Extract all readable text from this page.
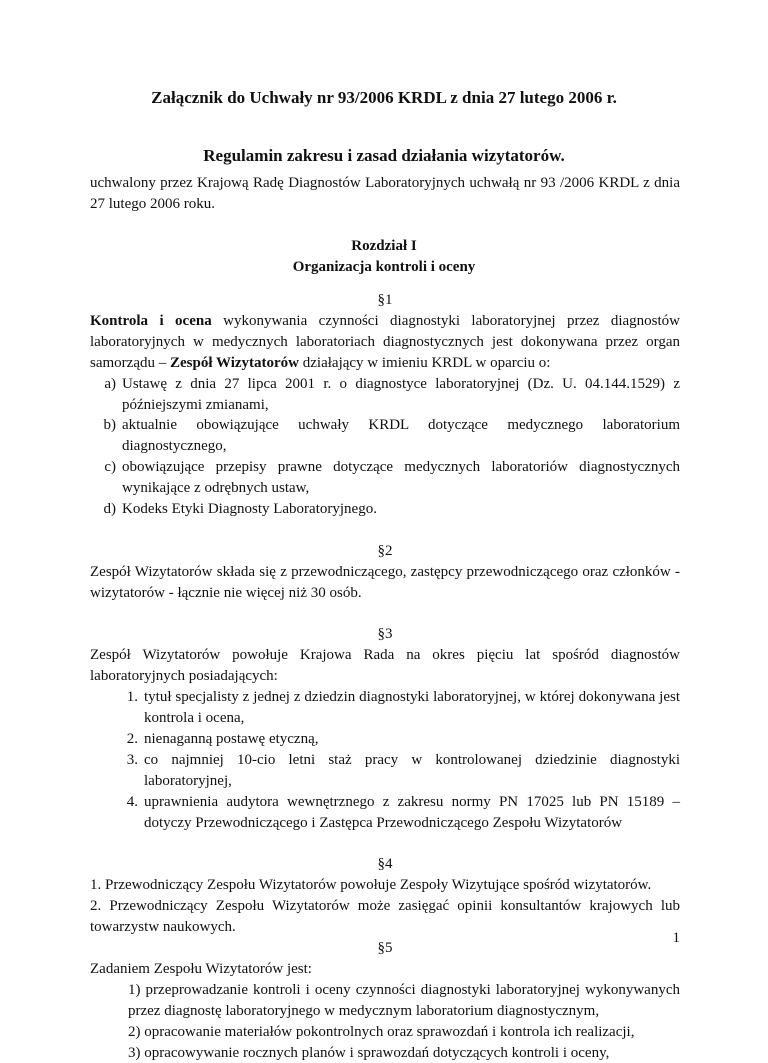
Załącznik do Uchwały nr 93/2006 KRDL z dnia 27 lutego 2006 r.
Regulamin zakresu i zasad działania wizytatorów.

uchwalony przez Krajową Radę Diagnostów Laboratoryjnych uchwałą nr 93 /2006 KRDL z dnia 27 lutego 2006 roku.

Rozdział I
Organizacja kontroli i oceny
§1

Kontrola i ocena wykonywania czynności diagnostyki laboratoryjnej przez diagnostów laboratoryjnych w medycznych laboratoriach diagnostycznych jest dokonywana przez organ samorządu – Zespół Wizytatorów działający w imieniu KRDL w oparciu o:

a) Ustawę z dnia 27 lipca 2001 r. o diagnostyce laboratoryjnej (Dz. U. 04.144.1529) z późniejszymi zmianami,
b) aktualnie obowiązujące uchwały KRDL dotyczące medycznego laboratorium diagnostycznego,
c) obowiązujące przepisy prawne dotyczące medycznych laboratoriów diagnostycznych wynikające z odrębnych ustaw,
d) Kodeks Etyki Diagnosty Laboratoryjnego.
§2

Zespół Wizytatorów składa się z przewodniczącego, zastępcy przewodniczącego oraz członków - wizytatorów - łącznie nie więcej niż 30 osób.

§3

Zespół Wizytatorów powołuje Krajowa Rada na okres pięciu lat spośród diagnostów laboratoryjnych posiadających:

1. tytuł specjalisty z jednej z dziedzin diagnostyki laboratoryjnej, w której dokonywana jest kontrola i ocena,
2. nienaganną postawę etyczną,
3. co najmniej 10-cio letni staż pracy w kontrolowanej dziedzinie diagnostyki laboratoryjnej,
4. uprawnienia audytora wewnętrznego z zakresu normy PN 17025 lub PN 15189 – dotyczy Przewodniczącego i Zastępca Przewodniczącego Zespołu Wizytatorów
§4

1. Przewodniczący Zespołu Wizytatorów powołuje Zespoły Wizytujące spośród wizytatorów.

2. Przewodniczący Zespołu Wizytatorów może zasięgać opinii konsultantów krajowych lub towarzystw naukowych.

§5

Zadaniem Zespołu Wizytatorów jest:

1) przeprowadzanie kontroli i oceny czynności diagnostyki laboratoryjnej wykonywanych przez diagnostę laboratoryjnego w medycznym laboratorium diagnostycznym,
2) opracowanie materiałów pokontrolnych oraz sprawozdań i kontrola ich realizacji,
3) opracowywanie rocznych planów i sprawozdań dotyczących kontroli i oceny,
1
